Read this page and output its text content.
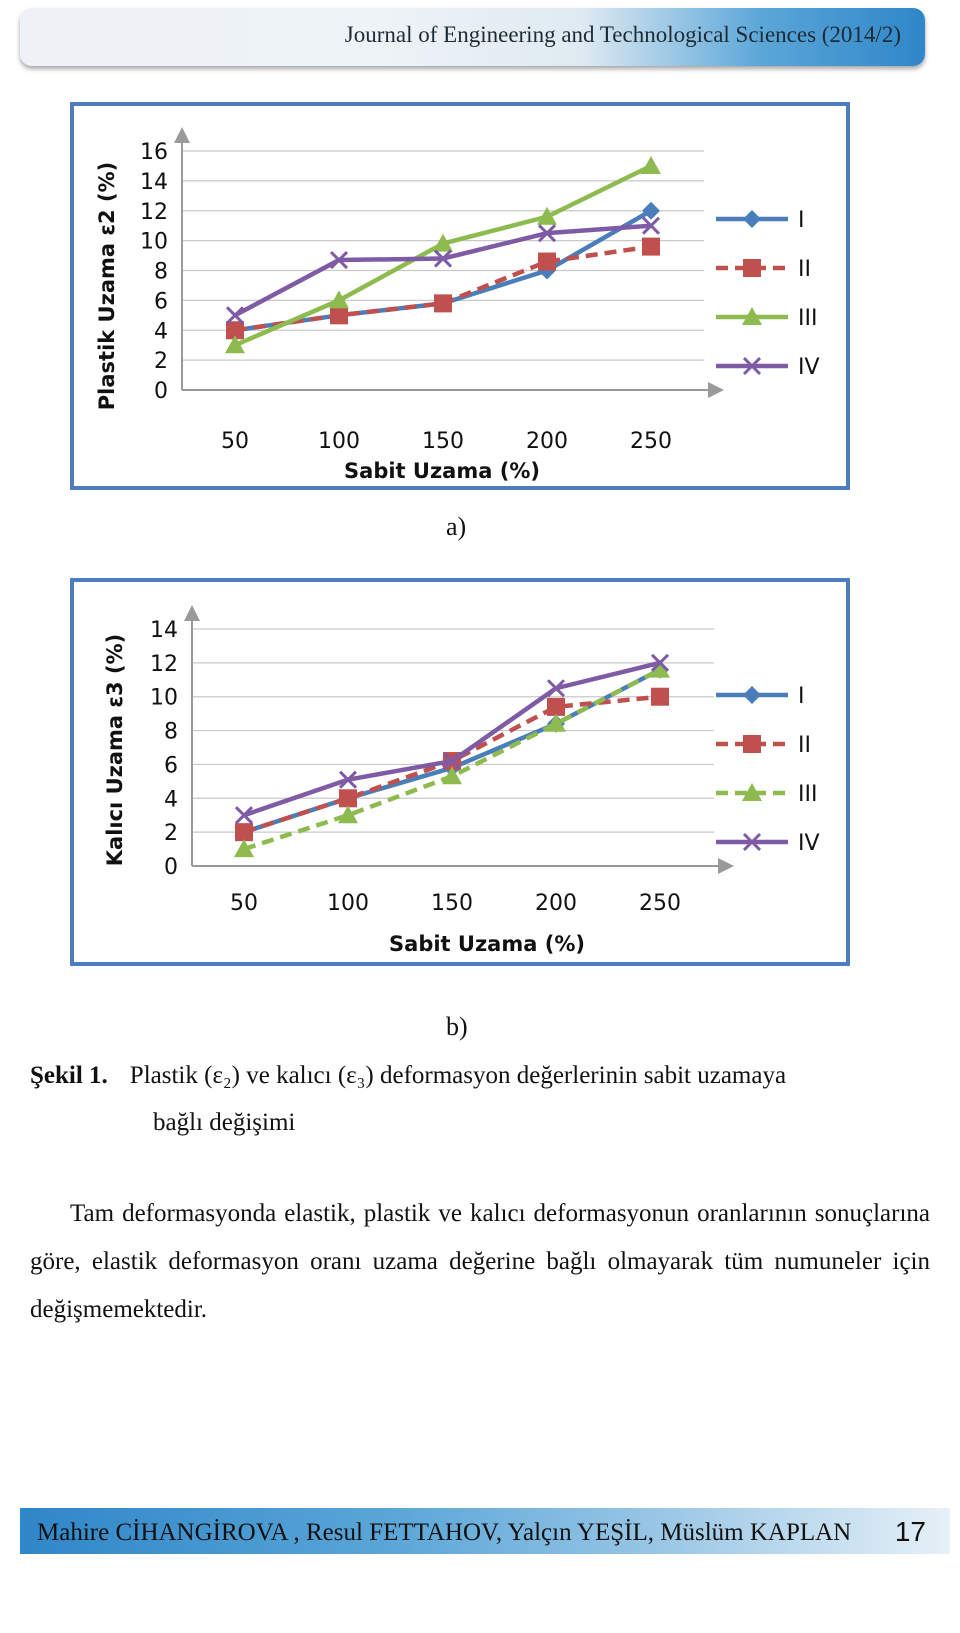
Journal of Engineering and Technological Sciences (2014/2)
0
2
4
6
8
10
12
14
16
50	100	150	200	250
Sabit Uzama (%)
Plastik Uzama ε2 (%)	I
II
III
IV
a)
0
2
4
6
8
10
12
14
50	100	150	200	250
Sabit Uzama (%)
Kalıcı Uzama ε3 (%)	I
II
III
IV
b)
Şekil 1. Plastik (ε₂) ve kalıcı (ε₃) deformasyon değerlerinin sabit uzamaya
bağlı değişimi
Tam deformasyonda elastik, plastik ve kalıcı deformasyonun oranlarının sonuçlarına göre, elastik deformasyon oranı uzama değerine bağlı olmayarak tüm numuneler için değişmemektedir.
Mahire CİHANGİROVA , Resul FETTAHOV, Yalçın YEŞİL, Müslüm KAPLAN 17
